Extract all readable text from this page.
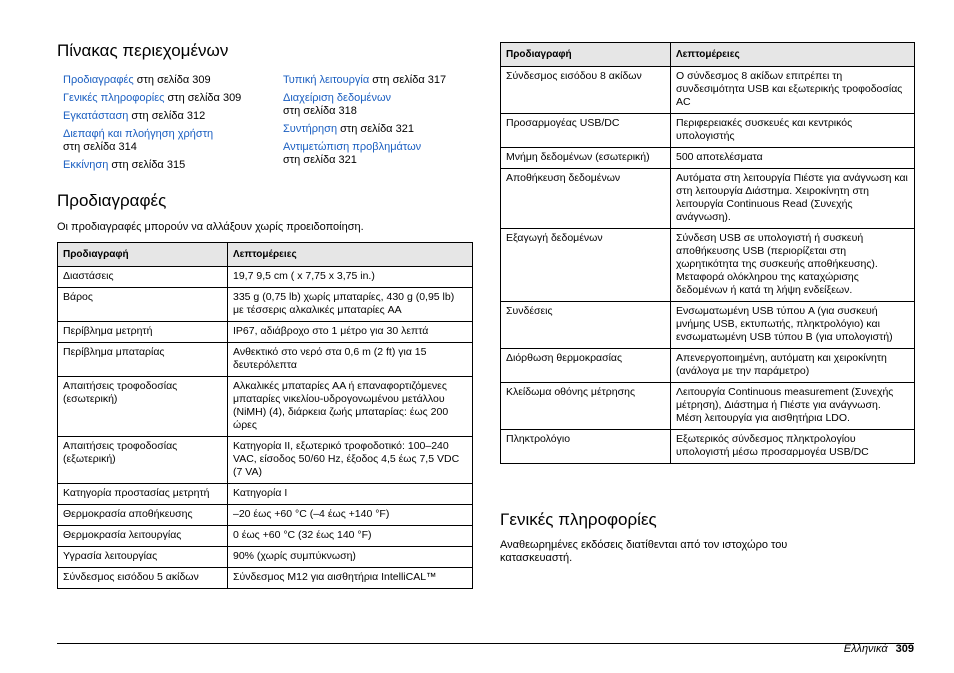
Πίνακας περιεχομένων
Προδιαγραφές στη σελίδα 309
Γενικές πληροφορίες στη σελίδα 309
Εγκατάσταση στη σελίδα 312
Διεπαφή και πλοήγηση χρήστη
στη σελίδα 314
Εκκίνηση στη σελίδα 315
Τυπική λειτουργία στη σελίδα 317
Διαχείριση δεδομένων
στη σελίδα 318
Συντήρηση στη σελίδα 321
Αντιμετώπιση προβλημάτων
στη σελίδα 321
Προδιαγραφές
Οι προδιαγραφές μπορούν να αλλάξουν χωρίς προειδοποίηση.
Προδιαγραφή	Λεπτομέρειες
Διαστάσεις	19,7 9,5 cm ( x 7,75 x 3,75 in.)
Βάρος	335 g (0,75 lb) χωρίς μπαταρίες, 430 g (0,95 lb) με τέσσερις αλκαλικές μπαταρίες AA
Περίβλημα μετρητή	IP67, αδιάβροχο στο 1 μέτρο για 30 λεπτά
Περίβλημα μπαταρίας	Ανθεκτικό στο νερό στα 0,6 m (2 ft) για 15 δευτερόλεπτα
Απαιτήσεις τροφοδοσίας (εσωτερική)	Αλκαλικές μπαταρίες AA ή επαναφορτιζόμενες μπαταρίες νικελίου-υδρογονωμένου μετάλλου (NiMH) (4), διάρκεια ζωής μπαταρίας: έως 200 ώρες
Απαιτήσεις τροφοδοσίας (εξωτερική)	Κατηγορία II, εξωτερικό τροφοδοτικό: 100–240 VAC, είσοδος 50/60 Hz, έξοδος 4,5 έως 7,5 VDC (7 VA)
Κατηγορία προστασίας μετρητή	Κατηγορία I
Θερμοκρασία αποθήκευσης	–20 έως +60 °C (–4 έως +140 °F)
Θερμοκρασία λειτουργίας	0 έως +60 °C (32 έως 140 °F)
Υγρασία λειτουργίας	90% (χωρίς συμπύκνωση)
Σύνδεσμος εισόδου 5 ακίδων	Σύνδεσμος M12 για αισθητήρια IntelliCAL™
Προδιαγραφή	Λεπτομέρειες
Σύνδεσμος εισόδου 8 ακίδων	Ο σύνδεσμος 8 ακίδων επιτρέπει τη συνδεσιμότητα USB και εξωτερικής τροφοδοσίας AC
Προσαρμογέας USB/DC	Περιφερειακές συσκευές και κεντρικός υπολογιστής
Μνήμη δεδομένων (εσωτερική)	500 αποτελέσματα
Αποθήκευση δεδομένων	Αυτόματα στη λειτουργία Πιέστε για ανάγνωση και στη λειτουργία Διάστημα. Χειροκίνητη στη λειτουργία Continuous Read (Συνεχής ανάγνωση).
Εξαγωγή δεδομένων	Σύνδεση USB σε υπολογιστή ή συσκευή αποθήκευσης USB (περιορίζεται στη χωρητικότητα της συσκευής αποθήκευσης). Μεταφορά ολόκληρου της καταχώρισης δεδομένων ή κατά τη λήψη ενδείξεων.
Συνδέσεις	Ενσωματωμένη USB τύπου A (για συσκευή μνήμης USB, εκτυπωτής, πληκτρολόγιο) και ενσωματωμένη USB τύπου B (για υπολογιστή)
Διόρθωση θερμοκρασίας	Απενεργοποιημένη, αυτόματη και χειροκίνητη (ανάλογα με την παράμετρο)
Κλείδωμα οθόνης μέτρησης	Λειτουργία Continuous measurement (Συνεχής μέτρηση), Διάστημα ή Πιέστε για ανάγνωση. Μέση λειτουργία για αισθητήρια LDO.
Πληκτρολόγιο	Εξωτερικός σύνδεσμος πληκτρολογίου υπολογιστή μέσω προσαρμογέα USB/DC
Γενικές πληροφορίες
Αναθεωρημένες εκδόσεις διατίθενται από τον ιστοχώρο του κατασκευαστή.
Ελληνικά 309
